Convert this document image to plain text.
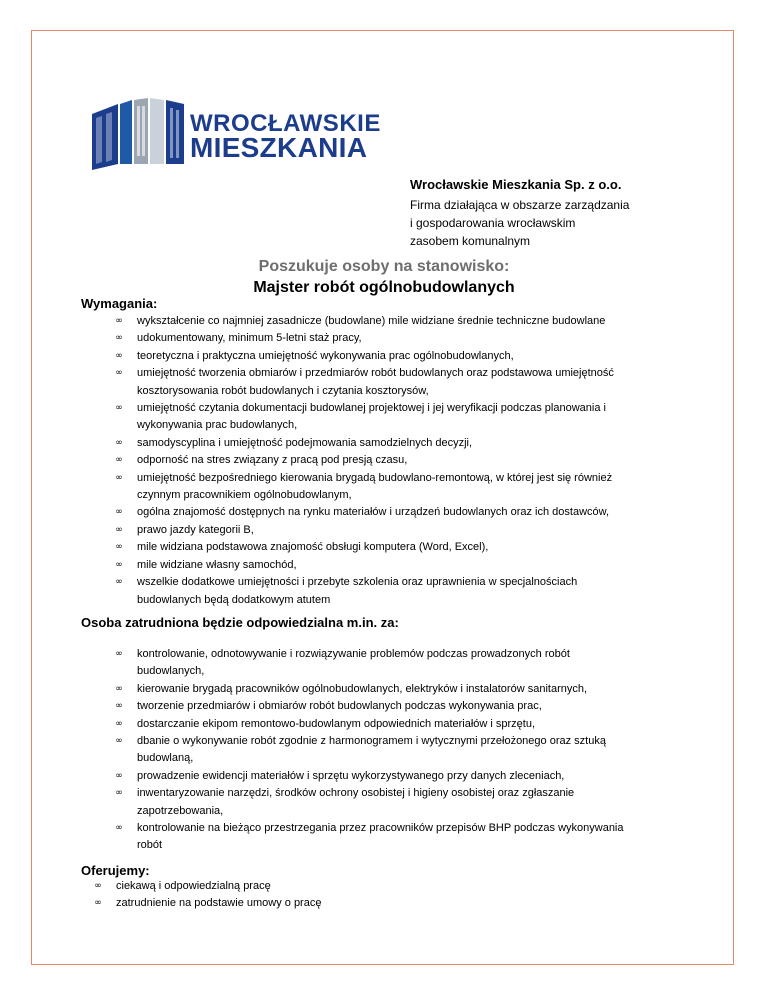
WROCŁAWSKIE
MIESZKANIA
Wrocławskie Mieszkania Sp. z o.o.
Firma działająca w obszarze zarządzania
i gospodarowania wrocławskim
zasobem komunalnym
Poszukuje osoby na stanowisko:
Majster robót ogólnobudowlanych
Wymagania:
∞ wykształcenie co najmniej zasadnicze (budowlane) mile widziane średnie techniczne budowlane
∞ udokumentowany, minimum 5-letni staż pracy,
∞ teoretyczna i praktyczna umiejętność wykonywania prac ogólnobudowlanych,
∞ umiejętność tworzenia obmiarów i przedmiarów robót budowlanych oraz podstawowa umiejętność
kosztorysowania robót budowlanych i czytania kosztorysów,
∞ umiejętność czytania dokumentacji budowlanej projektowej i jej weryfikacji podczas planowania i
wykonywania prac budowlanych,
∞ samodyscyplina i umiejętność podejmowania samodzielnych decyzji,
∞ odporność na stres związany z pracą pod presją czasu,
∞ umiejętność bezpośredniego kierowania brygadą budowlano-remontową, w której jest się również
czynnym pracownikiem ogólnobudowlanym,
∞ ogólna znajomość dostępnych na rynku materiałów i urządzeń budowlanych oraz ich dostawców,
∞ prawo jazdy kategorii B,
∞ mile widziana podstawowa znajomość obsługi komputera (Word, Excel),
∞ mile widziane własny samochód,
∞ wszelkie dodatkowe umiejętności i przebyte szkolenia oraz uprawnienia w specjalnościach
budowlanych będą dodatkowym atutem
Osoba zatrudniona będzie odpowiedzialna m.in. za:
∞ kontrolowanie, odnotowywanie i rozwiązywanie problemów podczas prowadzonych robót
budowlanych,
∞ kierowanie brygadą pracowników ogólnobudowlanych, elektryków i instalatorów sanitarnych,
∞ tworzenie przedmiarów i obmiarów robót budowlanych podczas wykonywania prac,
∞ dostarczanie ekipom remontowo-budowlanym odpowiednich materiałów i sprzętu,
∞ dbanie o wykonywanie robót zgodnie z harmonogramem i wytycznymi przełożonego oraz sztuką
budowlaną,
∞ prowadzenie ewidencji materiałów i sprzętu wykorzystywanego przy danych zleceniach,
∞ inwentaryzowanie narzędzi, środków ochrony osobistej i higieny osobistej oraz zgłaszanie
zapotrzebowania,
∞ kontrolowanie na bieżąco przestrzegania przez pracowników przepisów BHP podczas wykonywania
robót
Oferujemy:
∞ ciekawą i odpowiedzialną pracę
∞ zatrudnienie na podstawie umowy o pracę
